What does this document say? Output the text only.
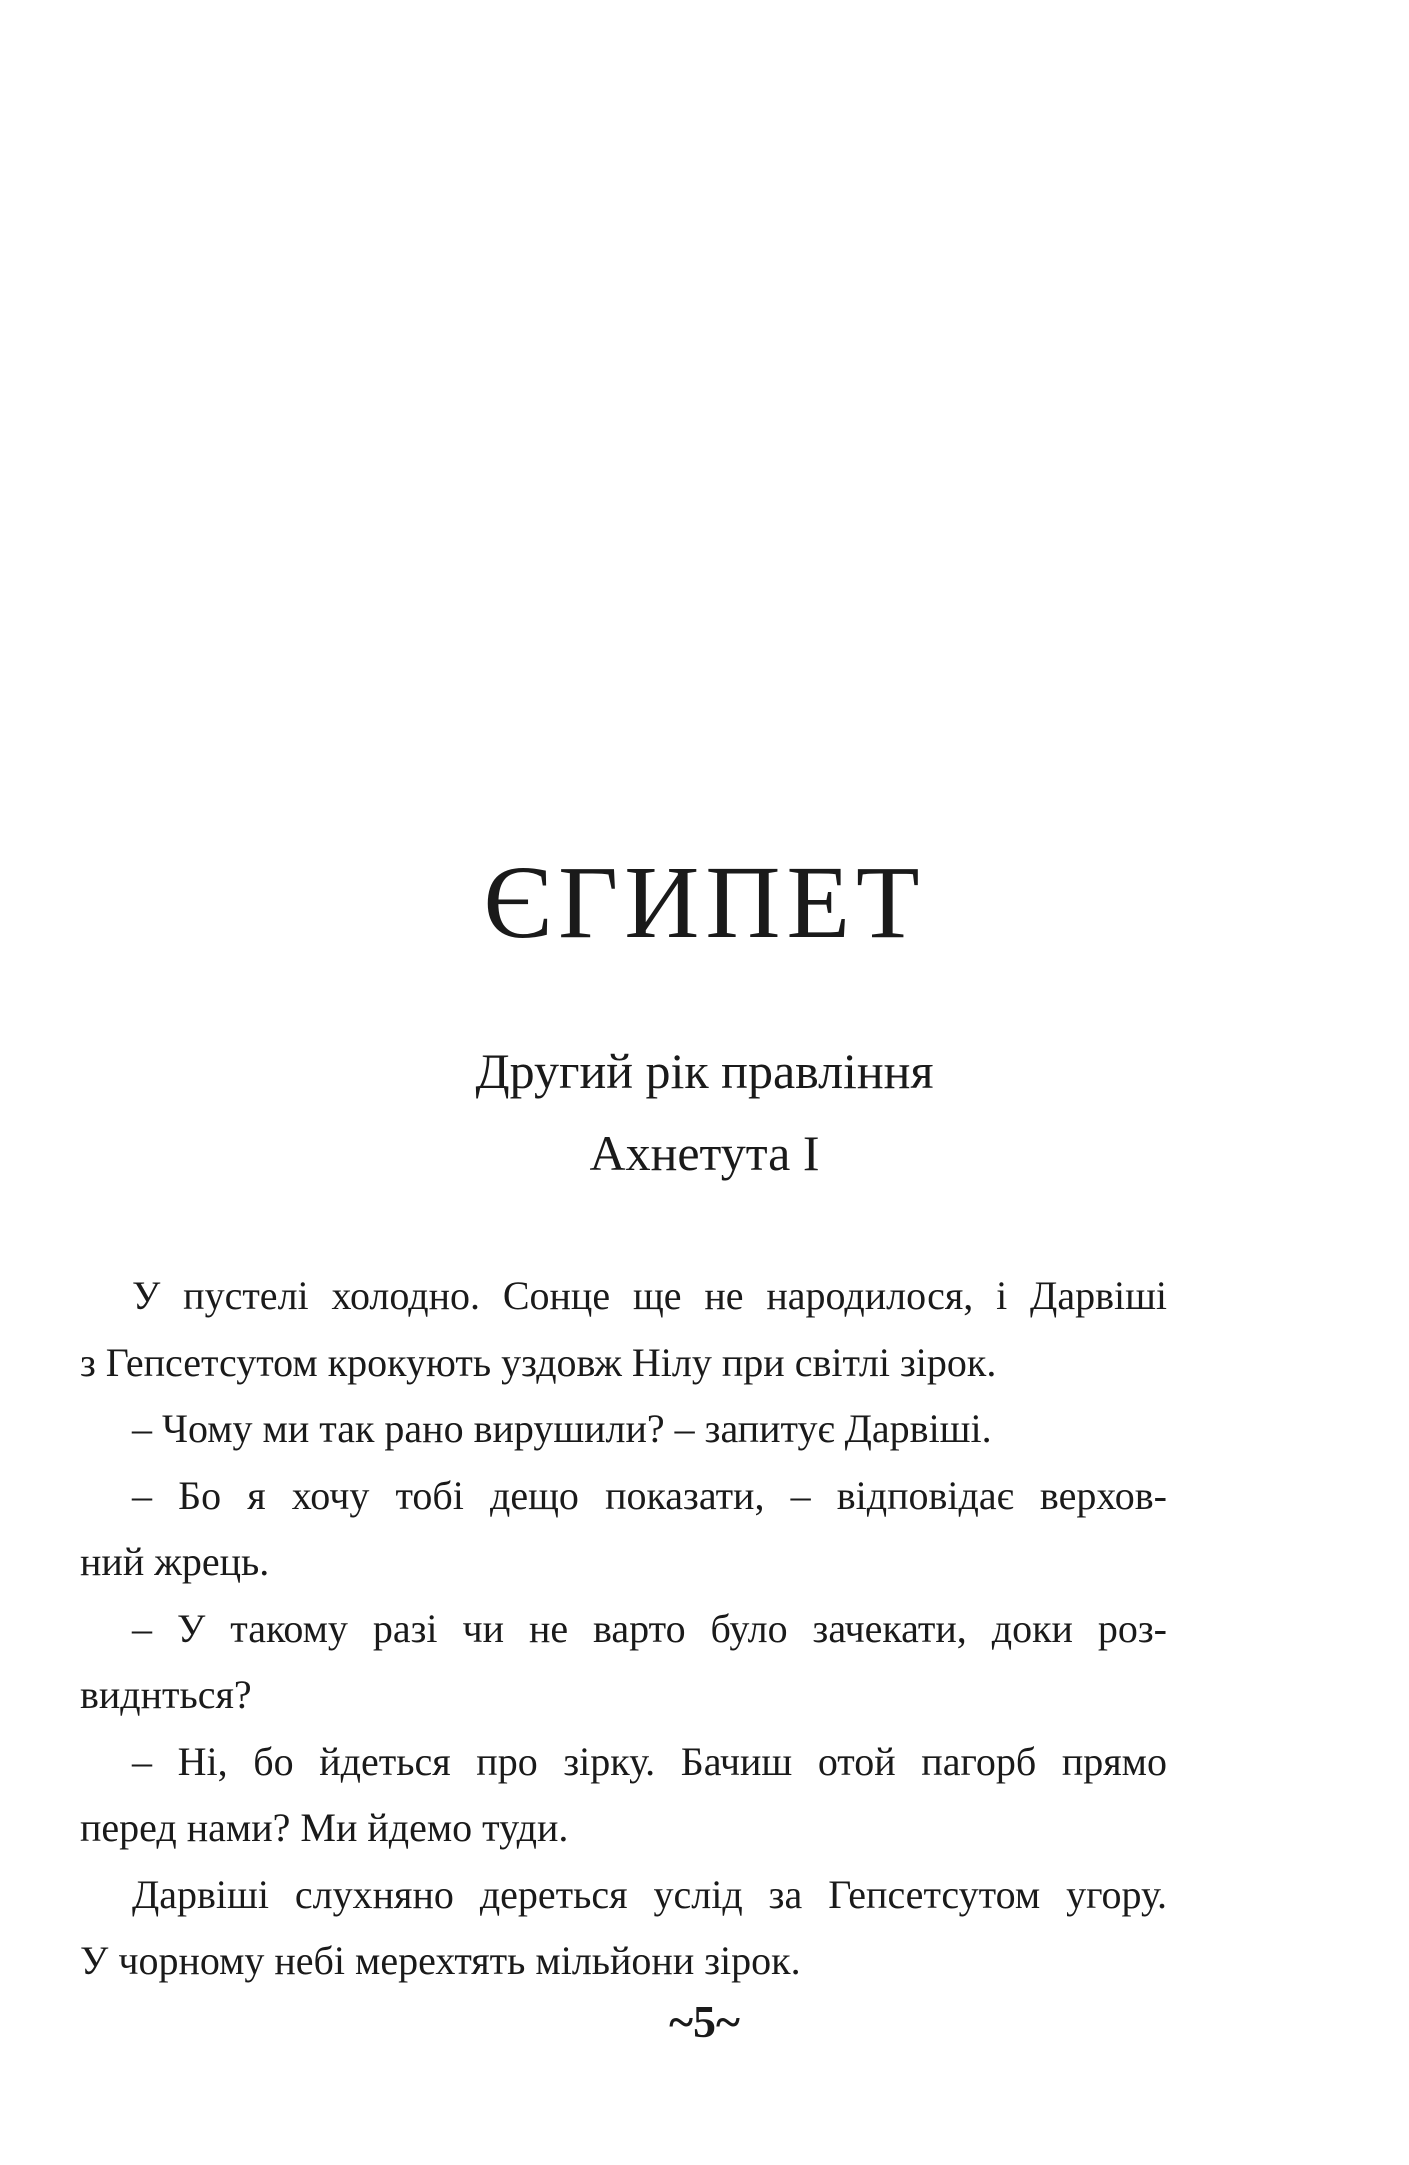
ЄГИПЕТ
Другий рік правління
Ахнетута І
У пустелі холодно. Сонце ще не народилося, і Дарвіші
з Гепсетсутом крокують уздовж Нілу при світлі зірок.
– Чому ми так рано вирушили? – запитує Дарвіші.
– Бо я хочу тобі дещо показати, – відповідає верхов-
ний жрець.
– У такому разі чи не варто було зачекати, доки роз-
виднться?
– Ні, бо йдеться про зірку. Бачиш отой пагорб прямо
перед нами? Ми йдемо туди.
Дарвіші слухняно дереться услід за Гепсетсутом угору.
У чорному небі мерехтять мільйони зірок.
~5~
